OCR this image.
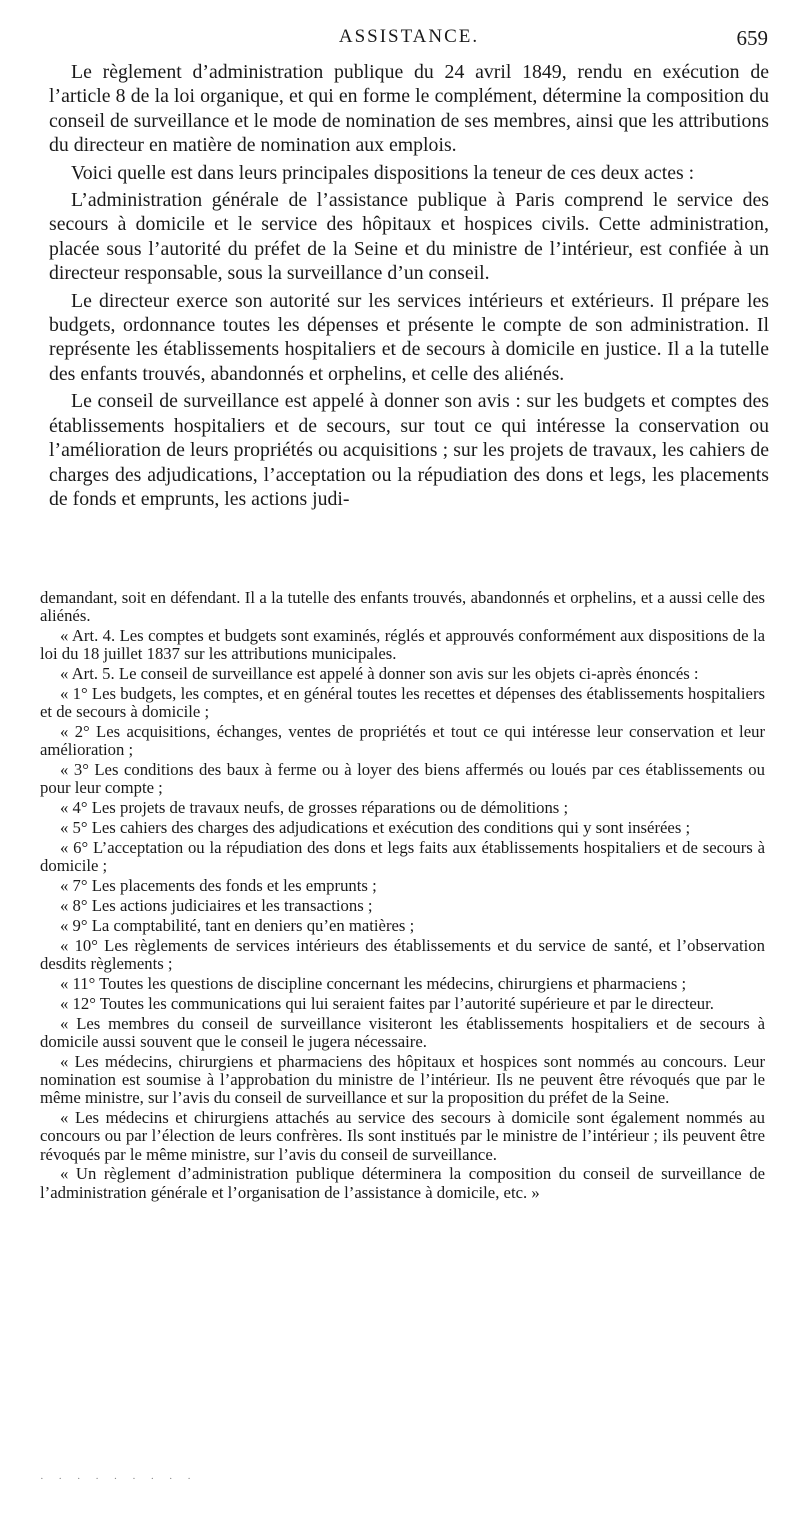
ASSISTANCE.	659

Le règlement d’administration publique du 24 avril 1849, rendu en exécution de l’article 8 de la loi organique, et qui en forme le complément, détermine la composition du conseil de surveillance et le mode de nomination de ses membres, ainsi que les attributions du directeur en matière de nomination aux emplois.

Voici quelle est dans leurs principales dispositions la teneur de ces deux actes :

L’administration générale de l’assistance publique à Paris comprend le service des secours à domicile et le service des hôpitaux et hospices civils. Cette administration, placée sous l’autorité du préfet de la Seine et du ministre de l’intérieur, est confiée à un directeur responsable, sous la surveillance d’un conseil.

Le directeur exerce son autorité sur les services intérieurs et extérieurs. Il prépare les budgets, ordonnance toutes les dépenses et présente le compte de son administration. Il représente les établissements hospitaliers et de secours à domicile en justice. Il a la tutelle des enfants trouvés, abandonnés et orphelins, et celle des aliénés.

Le conseil de surveillance est appelé à donner son avis : sur les budgets et comptes des établissements hospitaliers et de secours, sur tout ce qui intéresse la conservation ou l’amélioration de leurs propriétés ou acquisitions ; sur les projets de travaux, les cahiers de charges des adjudications, l’acceptation ou la répudiation des dons et legs, les placements de fonds et emprunts, les actions judi-

demandant, soit en défendant. Il a la tutelle des enfants trouvés, abandonnés et orphelins, et a aussi celle des aliénés.

« Art. 4. Les comptes et budgets sont examinés, réglés et approuvés conformément aux dispositions de la loi du 18 juillet 1837 sur les attributions municipales.

« Art. 5. Le conseil de surveillance est appelé à donner son avis sur les objets ci-après énoncés :

« 1° Les budgets, les comptes, et en général toutes les recettes et dépenses des établissements hospitaliers et de secours à domicile ;

« 2° Les acquisitions, échanges, ventes de propriétés et tout ce qui intéresse leur conservation et leur amélioration ;

« 3° Les conditions des baux à ferme ou à loyer des biens affermés ou loués par ces établissements ou pour leur compte ;

« 4° Les projets de travaux neufs, de grosses réparations ou de démolitions ;

« 5° Les cahiers des charges des adjudications et exécution des conditions qui y sont insérées ;

« 6° L’acceptation ou la répudiation des dons et legs faits aux établissements hospitaliers et de secours à domicile ;

« 7° Les placements des fonds et les emprunts ;

« 8° Les actions judiciaires et les transactions ;

« 9° La comptabilité, tant en deniers qu’en matières ;

« 10° Les règlements de services intérieurs des établissements et du service de santé, et l’observation desdits règlements ;

« 11° Toutes les questions de discipline concernant les médecins, chirurgiens et pharmaciens ;

« 12° Toutes les communications qui lui seraient faites par l’autorité supérieure et par le directeur.

« Les membres du conseil de surveillance visiteront les établissements hospitaliers et de secours à domicile aussi souvent que le conseil le jugera nécessaire.

« Les médecins, chirurgiens et pharmaciens des hôpitaux et hospices sont nommés au concours. Leur nomination est soumise à l’approbation du ministre de l’intérieur. Ils ne peuvent être révoqués que par le même ministre, sur l’avis du conseil de surveillance et sur la proposition du préfet de la Seine.

« Les médecins et chirurgiens attachés au service des secours à domicile sont également nommés au concours ou par l’élection de leurs confrères. Ils sont institués par le ministre de l’intérieur ; ils peuvent être révoqués par le même ministre, sur l’avis du conseil de surveillance.

« Un règlement d’administration publique déterminera la composition du conseil de surveillance de l’administration générale et l’organisation de l’assistance à domicile, etc. »

· · · · · · · · ·
